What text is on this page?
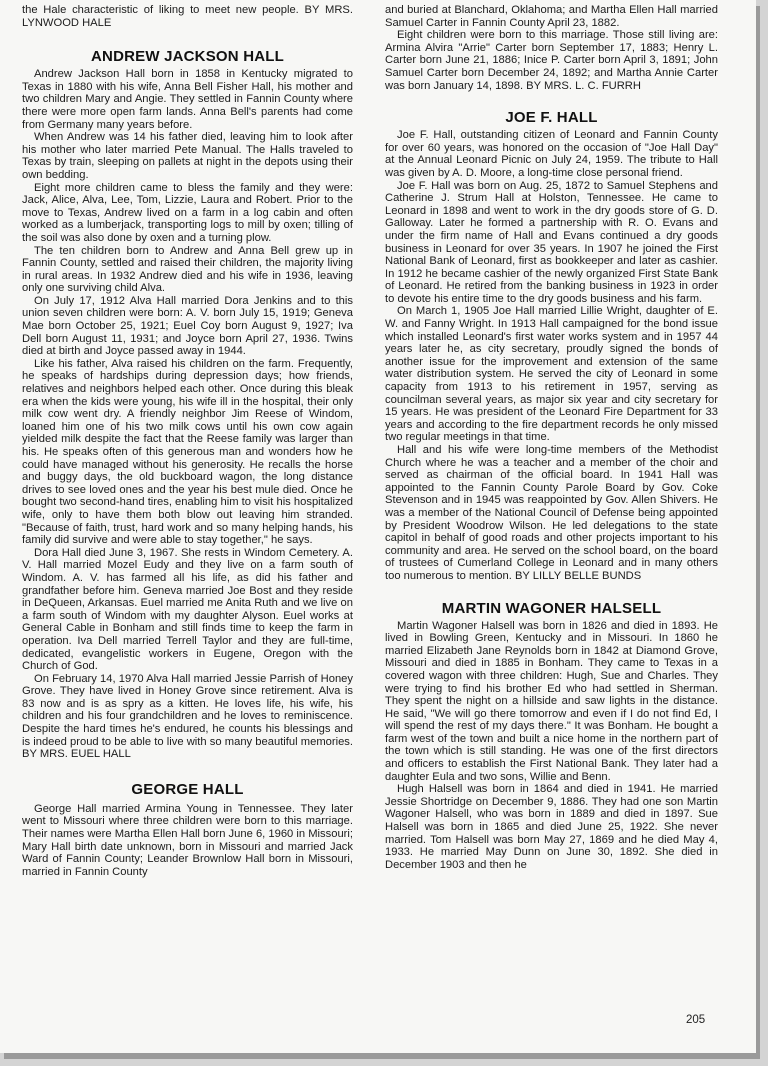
the Hale characteristic of liking to meet new people. BY MRS. LYNWOOD HALE

ANDREW JACKSON HALL

Andrew Jackson Hall born in 1858 in Kentucky migrated to Texas in 1880 with his wife, Anna Bell Fisher Hall, his mother and two children Mary and Angie. They settled in Fannin County where there were more open farm lands. Anna Bell's parents had come from Germany many years before.

When Andrew was 14 his father died, leaving him to look after his mother who later married Pete Manual. The Halls traveled to Texas by train, sleeping on pallets at night in the depots using their own bedding.

Eight more children came to bless the family and they were: Jack, Alice, Alva, Lee, Tom, Lizzie, Laura and Robert. Prior to the move to Texas, Andrew lived on a farm in a log cabin and often worked as a lumberjack, transporting logs to mill by oxen; tilling of the soil was also done by oxen and a turning plow.

The ten children born to Andrew and Anna Bell grew up in Fannin County, settled and raised their children, the majority living in rural areas. In 1932 Andrew died and his wife in 1936, leaving only one surviving child Alva.

On July 17, 1912 Alva Hall married Dora Jenkins and to this union seven children were born: A. V. born July 15, 1919; Geneva Mae born October 25, 1921; Euel Coy born August 9, 1927; Iva Dell born August 11, 1931; and Joyce born April 27, 1936. Twins died at birth and Joyce passed away in 1944.

Like his father, Alva raised his children on the farm. Frequently, he speaks of hardships during depression days; how friends, relatives and neighbors helped each other. Once during this bleak era when the kids were young, his wife ill in the hospital, their only milk cow went dry. A friendly neighbor Jim Reese of Windom, loaned him one of his two milk cows until his own cow again yielded milk despite the fact that the Reese family was larger than his. He speaks often of this generous man and wonders how he could have managed without his generosity. He recalls the horse and buggy days, the old buckboard wagon, the long distance drives to see loved ones and the year his best mule died. Once he bought two second-hand tires, enabling him to visit his hospitalized wife, only to have them both blow out leaving him stranded. "Because of faith, trust, hard work and so many helping hands, his family did survive and were able to stay together," he says.

Dora Hall died June 3, 1967. She rests in Windom Cemetery. A. V. Hall married Mozel Eudy and they live on a farm south of Windom. A. V. has farmed all his life, as did his father and grandfather before him. Geneva married Joe Bost and they reside in DeQueen, Arkansas. Euel married me Anita Ruth and we live on a farm south of Windom with my daughter Alyson. Euel works at General Cable in Bonham and still finds time to keep the farm in operation. Iva Dell married Terrell Taylor and they are full-time, dedicated, evangelistic workers in Eugene, Oregon with the Church of God.

On February 14, 1970 Alva Hall married Jessie Parrish of Honey Grove. They have lived in Honey Grove since retirement. Alva is 83 now and is as spry as a kitten. He loves life, his wife, his children and his four grandchildren and he loves to reminiscence. Despite the hard times he's endured, he counts his blessings and is indeed proud to be able to live with so many beautiful memories. BY MRS. EUEL HALL

GEORGE HALL

George Hall married Armina Young in Tennessee. They later went to Missouri where three children were born to this marriage. Their names were Martha Ellen Hall born June 6, 1960 in Missouri; Mary Hall birth date unknown, born in Missouri and married Jack Ward of Fannin County; Leander Brownlow Hall born in Missouri, married in Fannin County

and buried at Blanchard, Oklahoma; and Martha Ellen Hall married Samuel Carter in Fannin County April 23, 1882.

Eight children were born to this marriage. Those still living are: Armina Alvira "Arrie" Carter born September 17, 1883; Henry L. Carter born June 21, 1886; Inice P. Carter born April 3, 1891; John Samuel Carter born December 24, 1892; and Martha Annie Carter was born January 14, 1898. BY MRS. L. C. FURRH

JOE F. HALL

Joe F. Hall, outstanding citizen of Leonard and Fannin County for over 60 years, was honored on the occasion of "Joe Hall Day" at the Annual Leonard Picnic on July 24, 1959. The tribute to Hall was given by A. D. Moore, a long-time close personal friend.

Joe F. Hall was born on Aug. 25, 1872 to Samuel Stephens and Catherine J. Strum Hall at Holston, Tennessee. He came to Leonard in 1898 and went to work in the dry goods store of G. D. Galloway. Later he formed a partnership with R. O. Evans and under the firm name of Hall and Evans continued a dry goods business in Leonard for over 35 years. In 1907 he joined the First National Bank of Leonard, first as bookkeeper and later as cashier. In 1912 he became cashier of the newly organized First State Bank of Leonard. He retired from the banking business in 1923 in order to devote his entire time to the dry goods business and his farm.

On March 1, 1905 Joe Hall married Lillie Wright, daughter of E. W. and Fanny Wright. In 1913 Hall campaigned for the bond issue which installed Leonard's first water works system and in 1957 44 years later he, as city secretary, proudly signed the bonds of another issue for the improvement and extension of the same water distribution system. He served the city of Leonard in some capacity from 1913 to his retirement in 1957, serving as councilman several years, as major six year and city secretary for 15 years. He was president of the Leonard Fire Department for 33 years and according to the fire department records he only missed two regular meetings in that time.

Hall and his wife were long-time members of the Methodist Church where he was a teacher and a member of the choir and served as chairman of the official board. In 1941 Hall was appointed to the Fannin County Parole Board by Gov. Coke Stevenson and in 1945 was reappointed by Gov. Allen Shivers. He was a member of the National Council of Defense being appointed by President Woodrow Wilson. He led delegations to the state capitol in behalf of good roads and other projects important to his community and area. He served on the school board, on the board of trustees of Cumerland College in Leonard and in many others too numerous to mention. BY LILLY BELLE BUNDS

MARTIN WAGONER HALSELL

Martin Wagoner Halsell was born in 1826 and died in 1893. He lived in Bowling Green, Kentucky and in Missouri. In 1860 he married Elizabeth Jane Reynolds born in 1842 at Diamond Grove, Missouri and died in 1885 in Bonham. They came to Texas in a covered wagon with three children: Hugh, Sue and Charles. They were trying to find his brother Ed who had settled in Sherman. They spent the night on a hillside and saw lights in the distance. He said, "We will go there tomorrow and even if I do not find Ed, I will spend the rest of my days there." It was Bonham. He bought a farm west of the town and built a nice home in the northern part of the town which is still standing. He was one of the first directors and officers to establish the First National Bank. They later had a daughter Eula and two sons, Willie and Benn.

Hugh Halsell was born in 1864 and died in 1941. He married Jessie Shortridge on December 9, 1886. They had one son Martin Wagoner Halsell, who was born in 1889 and died in 1897. Sue Halsell was born in 1865 and died June 25, 1922. She never married. Tom Halsell was born May 27, 1869 and he died May 4, 1933. He married May Dunn on June 30, 1892. She died in December 1903 and then he

205
